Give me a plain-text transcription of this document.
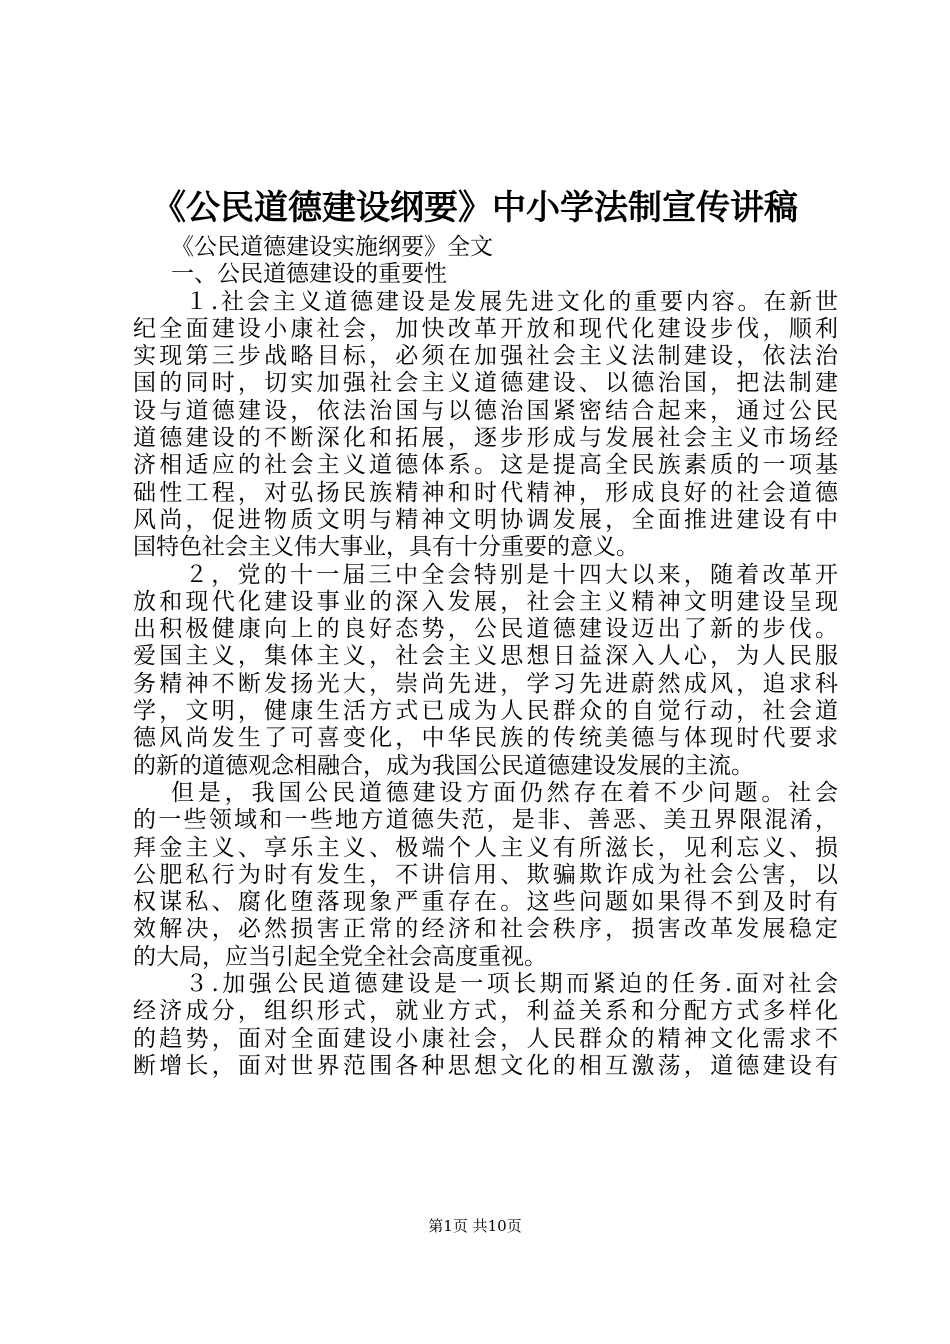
《公民道德建设纲要》中小学法制宣传讲稿
《公民道德建设实施纲要》全文
一、公民道德建设的重要性
１.社会主义道德建设是发展先进文化的重要内容。在新世
纪全面建设小康社会，加快改革开放和现代化建设步伐，顺利
实现第三步战略目标，必须在加强社会主义法制建设，依法治
国的同时，切实加强社会主义道德建设、以德治国，把法制建
设与道德建设，依法治国与以德治国紧密结合起来，通过公民
道德建设的不断深化和拓展，逐步形成与发展社会主义市场经
济相适应的社会主义道德体系。这是提高全民族素质的一项基
础性工程，对弘扬民族精神和时代精神，形成良好的社会道德
风尚，促进物质文明与精神文明协调发展，全面推进建设有中
国特色社会主义伟大事业，具有十分重要的意义。
２，党的十一届三中全会特别是十四大以来，随着改革开
放和现代化建设事业的深入发展，社会主义精神文明建设呈现
出积极健康向上的良好态势，公民道德建设迈出了新的步伐。
爱国主义，集体主义，社会主义思想日益深入人心，为人民服
务精神不断发扬光大，崇尚先进，学习先进蔚然成风，追求科
学，文明，健康生活方式已成为人民群众的自觉行动，社会道
德风尚发生了可喜变化，中华民族的传统美德与体现时代要求
的新的道德观念相融合，成为我国公民道德建设发展的主流。
但是，我国公民道德建设方面仍然存在着不少问题。社会
的一些领域和一些地方道德失范，是非、善恶、美丑界限混淆，
拜金主义、享乐主义、极端个人主义有所滋长，见利忘义、损
公肥私行为时有发生，不讲信用、欺骗欺诈成为社会公害，以
权谋私、腐化堕落现象严重存在。这些问题如果得不到及时有
效解决，必然损害正常的经济和社会秩序，损害改革发展稳定
的大局，应当引起全党全社会高度重视。
３.加强公民道德建设是一项长期而紧迫的任务.面对社会
经济成分，组织形式，就业方式，利益关系和分配方式多样化
的趋势，面对全面建设小康社会，人民群众的精神文化需求不
断增长，面对世界范围各种思想文化的相互激荡，道德建设有
第1页 共10页
